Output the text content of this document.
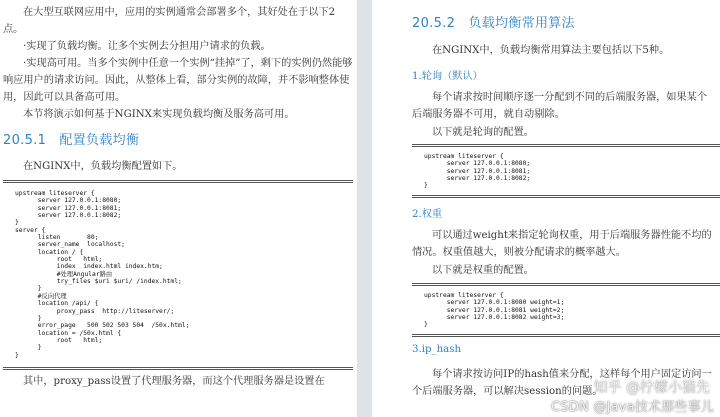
在大型互联网应用中，应用的实例通常会部署多个，其好处在于以下2点。

·实现了负载均衡。让多个实例去分担用户请求的负载。

·实现高可用。当多个实例中任意一个实例“挂掉”了，剩下的实例仍然能够响应用户的请求访问。因此，从整体上看，部分实例的故障，并不影响整体使用，因此可以具备高可用。

本节将演示如何基于NGINX来实现负载均衡及服务高可用。

20.5.1　配置负载均衡
在NGINX中，负载均衡配置如下。
upstream liteserver {
server 127.0.0.1:8080;
server 127.0.0.1:8081;
server 127.0.0.1:8082;
}
server {
listen       80;
server_name  localhost;
location / {
root   html;
index  index.html index.htm;
#处理Angular路由
try_files $uri $uri/ /index.html;
}
#反向代理
location /api/ {
proxy_pass  http://liteserver/;
}
error_page   500 502 503 504  /50x.html;
location = /50x.html {
root   html;
}
}
其中，proxy_pass设置了代理服务器，而这个代理服务器是设置在
20.5.2　负载均衡常用算法
在NGINX中，负载均衡常用算法主要包括以下5种。
1.轮询（默认）

每个请求按时间顺序逐一分配到不同的后端服务器，如果某个后端服务器不可用，就自动剔除。

以下就是轮询的配置。
upstream liteserver {
server 127.0.0.1:8080;
server 127.0.0.1:8081;
server 127.0.0.1:8082;
}
2.权重

可以通过weight来指定轮询权重，用于后端服务器性能不均的情况。权重值越大，则被分配请求的概率越大。

以下就是权重的配置。
upstream liteserver {
server 127.0.0.1:8080 weight=1;
server 127.0.0.1:8081 weight=2;
server 127.0.0.1:8082 weight=3;
}
3.ip_hash

每个请求按访问IP的hash值来分配，这样每个用户固定访问一个后端服务器，可以解决session的问题。

知乎 @柠檬小猫先
CSDN @Java技术那些事儿
